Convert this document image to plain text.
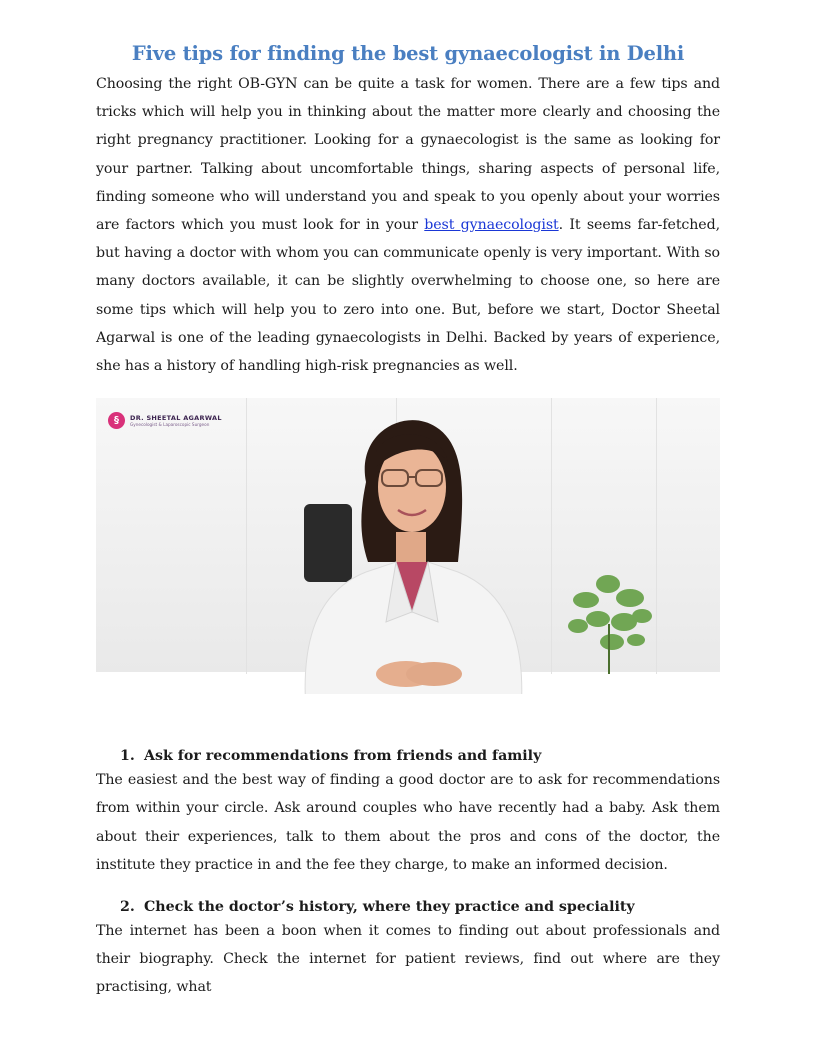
Five tips for finding the best gynaecologist in Delhi

Choosing the right OB-GYN can be quite a task for women. There are a few tips and tricks which will help you in thinking about the matter more clearly and choosing the right pregnancy practitioner. Looking for a gynaecologist is the same as looking for your partner. Talking about uncomfortable things, sharing aspects of personal life, finding someone who will understand you and speak to you openly about your worries are factors which you must look for in your best gynaecologist. It seems far-fetched, but having a doctor with whom you can communicate openly is very important. With so many doctors available, it can be slightly overwhelming to choose one, so here are some tips which will help you to zero into one. But, before we start, Doctor Sheetal Agarwal is one of the leading gynaecologists in Delhi. Backed by years of experience, she has a history of handling high-risk pregnancies as well.

§	DR. SHEETAL AGARWAL
Gynecologist & Laparoscopic Surgeon
1. Ask for recommendations from friends and family

The easiest and the best way of finding a good doctor are to ask for recommendations from within your circle. Ask around couples who have recently had a baby. Ask them about their experiences, talk to them about the pros and cons of the doctor, the institute they practice in and the fee they charge, to make an informed decision.

2. Check the doctor’s history, where they practice and speciality

The internet has been a boon when it comes to finding out about professionals and their biography. Check the internet for patient reviews, find out where are they practising, what
